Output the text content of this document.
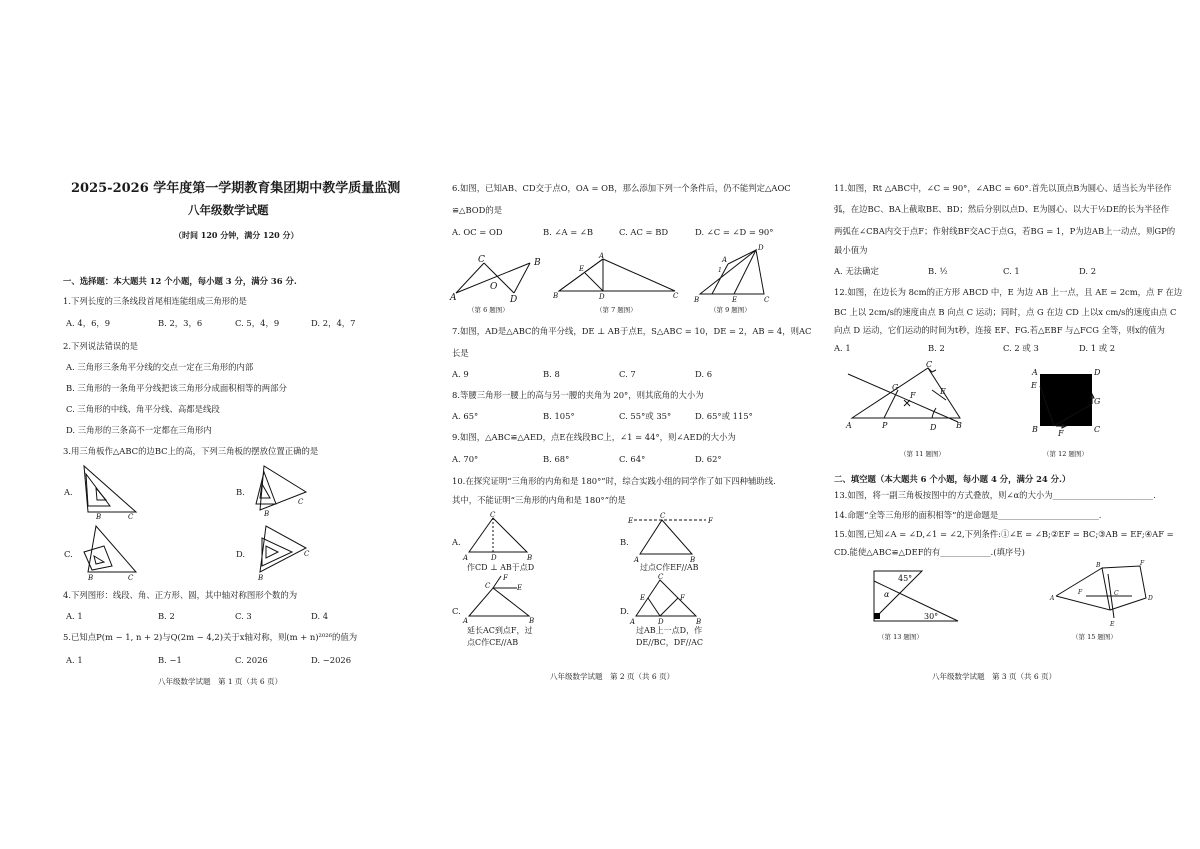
2025-2026 学年度第一学期教育集团期中教学质量监测
八年级数学试题
（时间 120 分钟，满分 120 分）
一、选择题：本大题共 12 个小题，每小题 3 分，满分 36 分.
1.下列长度的三条线段首尾相连能组成三角形的是
A. 4，6，9	B. 2，3，6	C. 5，4，9	D. 2，4，7
2.下列说法错误的是
A. 三角形三条角平分线的交点一定在三角形的内部
B. 三角形的一条角平分线把该三角形分成面积相等的两部分
C. 三角形的中线、角平分线、高都是线段
D. 三角形的三条高不一定都在三角形内
3.用三角板作△ABC的边BC上的高，下列三角板的摆放位置正确的是
A.	B.
C.	D.
B	C	B
C
B	C	B
C
4.下列图形：线段、角、正方形、圆，其中轴对称图形个数的为
A. 1	B. 2	C. 3	D. 4
5.已知点P(m − 1, n + 2)与Q(2m − 4,2)关于x轴对称，则(m + n)²⁰²⁶的值为
A. 1	B. −1	C. 2026	D. −2026
八年级数学试题　第 1 页（共 6 页）
6.如图，已知AB、CD交于点O，OA = OB，那么添加下列一个条件后，仍不能判定△AOC
≌△BOD的是
A. OC = OD	B. ∠A = ∠B	C. AC = BD	D. ∠C = ∠D = 90°
A
C	B
O
D
（第 6 题图）
B
A
E
D	C
（第 7 题图）
B
D
A
1
E	C
（第 9 题图）
7.如图，AD是△ABC的角平分线，DE ⊥ AB于点E，S△ABC = 10，DE = 2，AB = 4，则AC
长是
A. 9	B. 8	C. 7	D. 6
8.等腰三角形一腰上的高与另一腰的夹角为 20°，则其底角的大小为
A. 65°	B. 105°	C. 55°或 35°	D. 65°或 115°
9.如图，△ABC≌△AED，点E在线段BC上，∠1 = 44°，则∠AED的大小为
A. 70°	B. 68°	C. 64°	D. 62°
10.在探究证明“三角形的内角和是 180°”时，综合实践小组的同学作了如下四种辅助线.
其中，不能证明“三角形的内角和是 180°”的是
A.
C
A	D	B
作CD ⊥ AB于点D
B.
E
C
F
A	B
过点C作EF//AB
C.
F
C	E
A	B
延长AC到点F，过
点C作CE//AB
D.
C
E	F
A	D	B
过AB上一点D，作
DE//BC，DF//AC
八年级数学试题　第 2 页（共 6 页）
11.如图，Rt △ABC中，∠C = 90°，∠ABC = 60°.首先以顶点B为圆心、适当长为半径作
弧，在边BC、BA上截取BE、BD；然后分别以点D、E为圆心、以大于½DE的长为半径作
两弧在∠CBA内交于点F；作射线BF交AC于点G，若BG = 1，P为边AB上一动点，则GP的
最小值为
A. 无法确定	B. ½	C. 1	D. 2
12.如图，在边长为 8cm的正方形 ABCD 中，E 为边 AB 上一点，且 AE = 2cm，点 F 在边
BC 上以 2cm/s的速度由点 B 向点 C 运动；同时，点 G 在边 CD 上以x cm/s的速度由点 C
向点 D 运动，它们运动的时间为t秒，连接 EF、FG.若△EBF 与△FCG 全等，则x的值为
A. 1	B. 2	C. 2 或 3	D. 1 或 2
A	P
C
G
F	E
D B
（第 11 题图）
A	D
E
G
B	F	C
（第 12 题图）
二、填空题（本大题共 6 个小题，每小题 4 分，满分 24 分.）
13.如图，将一副三角板按图中的方式叠放，则∠α的大小为________________________.
14.命题“全等三角形的面积相等”的逆命题是________________________.
15.如图,已知∠A = ∠D,∠1 = ∠2,下列条件:①∠E = ∠B;②EF = BC;③AB = EF;④AF =
CD.能使△ABC≌△DEF的有____________.(填序号)
45°
α
30°
（第 13 题图）
A
B	F
F	C
D
E
（第 15 题图）
八年级数学试题　第 3 页（共 6 页）
